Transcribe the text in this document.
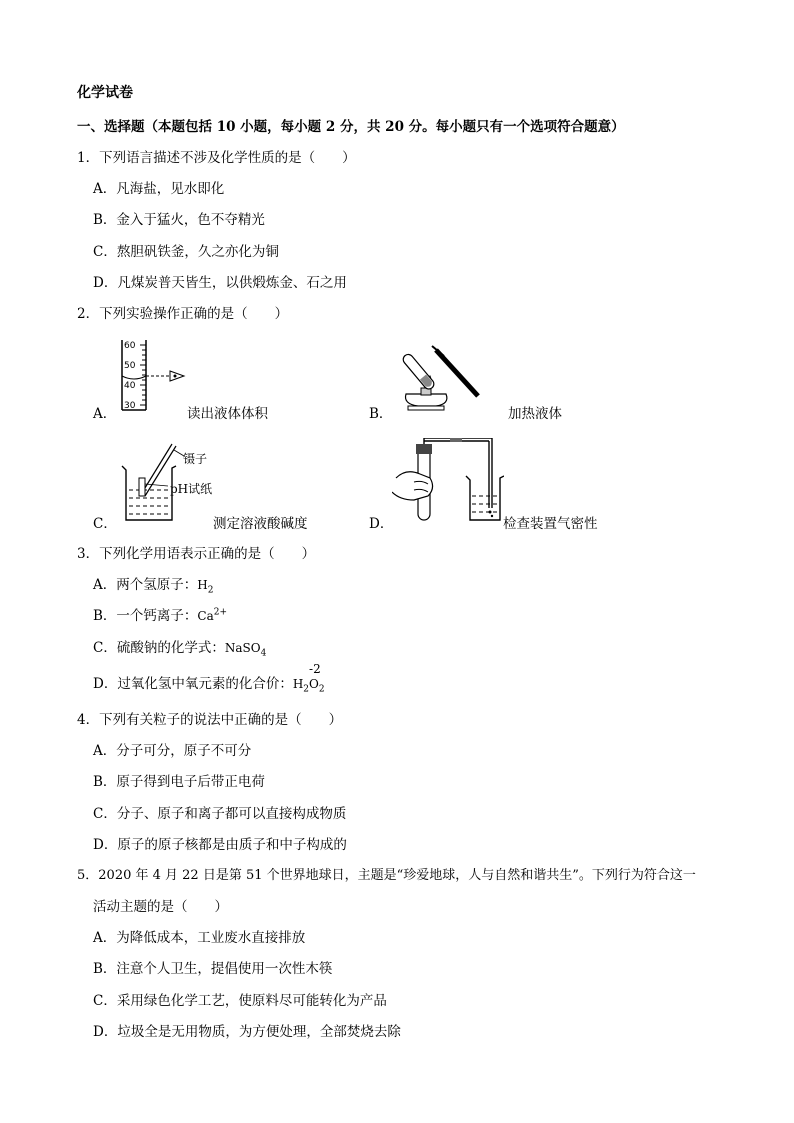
化学试卷
一、选择题（本题包括 10 小题，每小题 2 分，共 20 分。每小题只有一个选项符合题意）
1．下列语言描述不涉及化学性质的是（　　）
A．凡海盐，见水即化
B．金入于猛火，色不夺精光
C．熬胆矾铁釜，久之亦化为铜
D．凡煤炭普天皆生，以供煅炼金、石之用
2．下列实验操作正确的是（　　）
A．
60
50
40
30	读出液体体积	B．	加热液体
C．
镊子
pH试纸
测定溶液酸碱度	D．	检查装置气密性
3．下列化学用语表示正确的是（　　）
A．两个氢原子：$H_2$
B．一个钙离子：$Ca^{2+}$
C．硫酸钠的化学式：NaSO$_4$
D．过氧化氢中氧元素的化合价：$H_2$
-2
$O_2$
4．下列有关粒子的说法中正确的是（　　）
A．分子可分，原子不可分
B．原子得到电子后带正电荷
C．分子、原子和离子都可以直接构成物质
D．原子的原子核都是由质子和中子构成的
5．2020 年 4 月 22 日是第 51 个世界地球日，主题是“珍爱地球，人与自然和谐共生”。下列行为符合这一
活动主题的是（　　）
A．为降低成本，工业废水直接排放
B．注意个人卫生，提倡使用一次性木筷
C．采用绿色化学工艺，使原料尽可能转化为产品
D．垃圾全是无用物质，为方便处理，全部焚烧去除
